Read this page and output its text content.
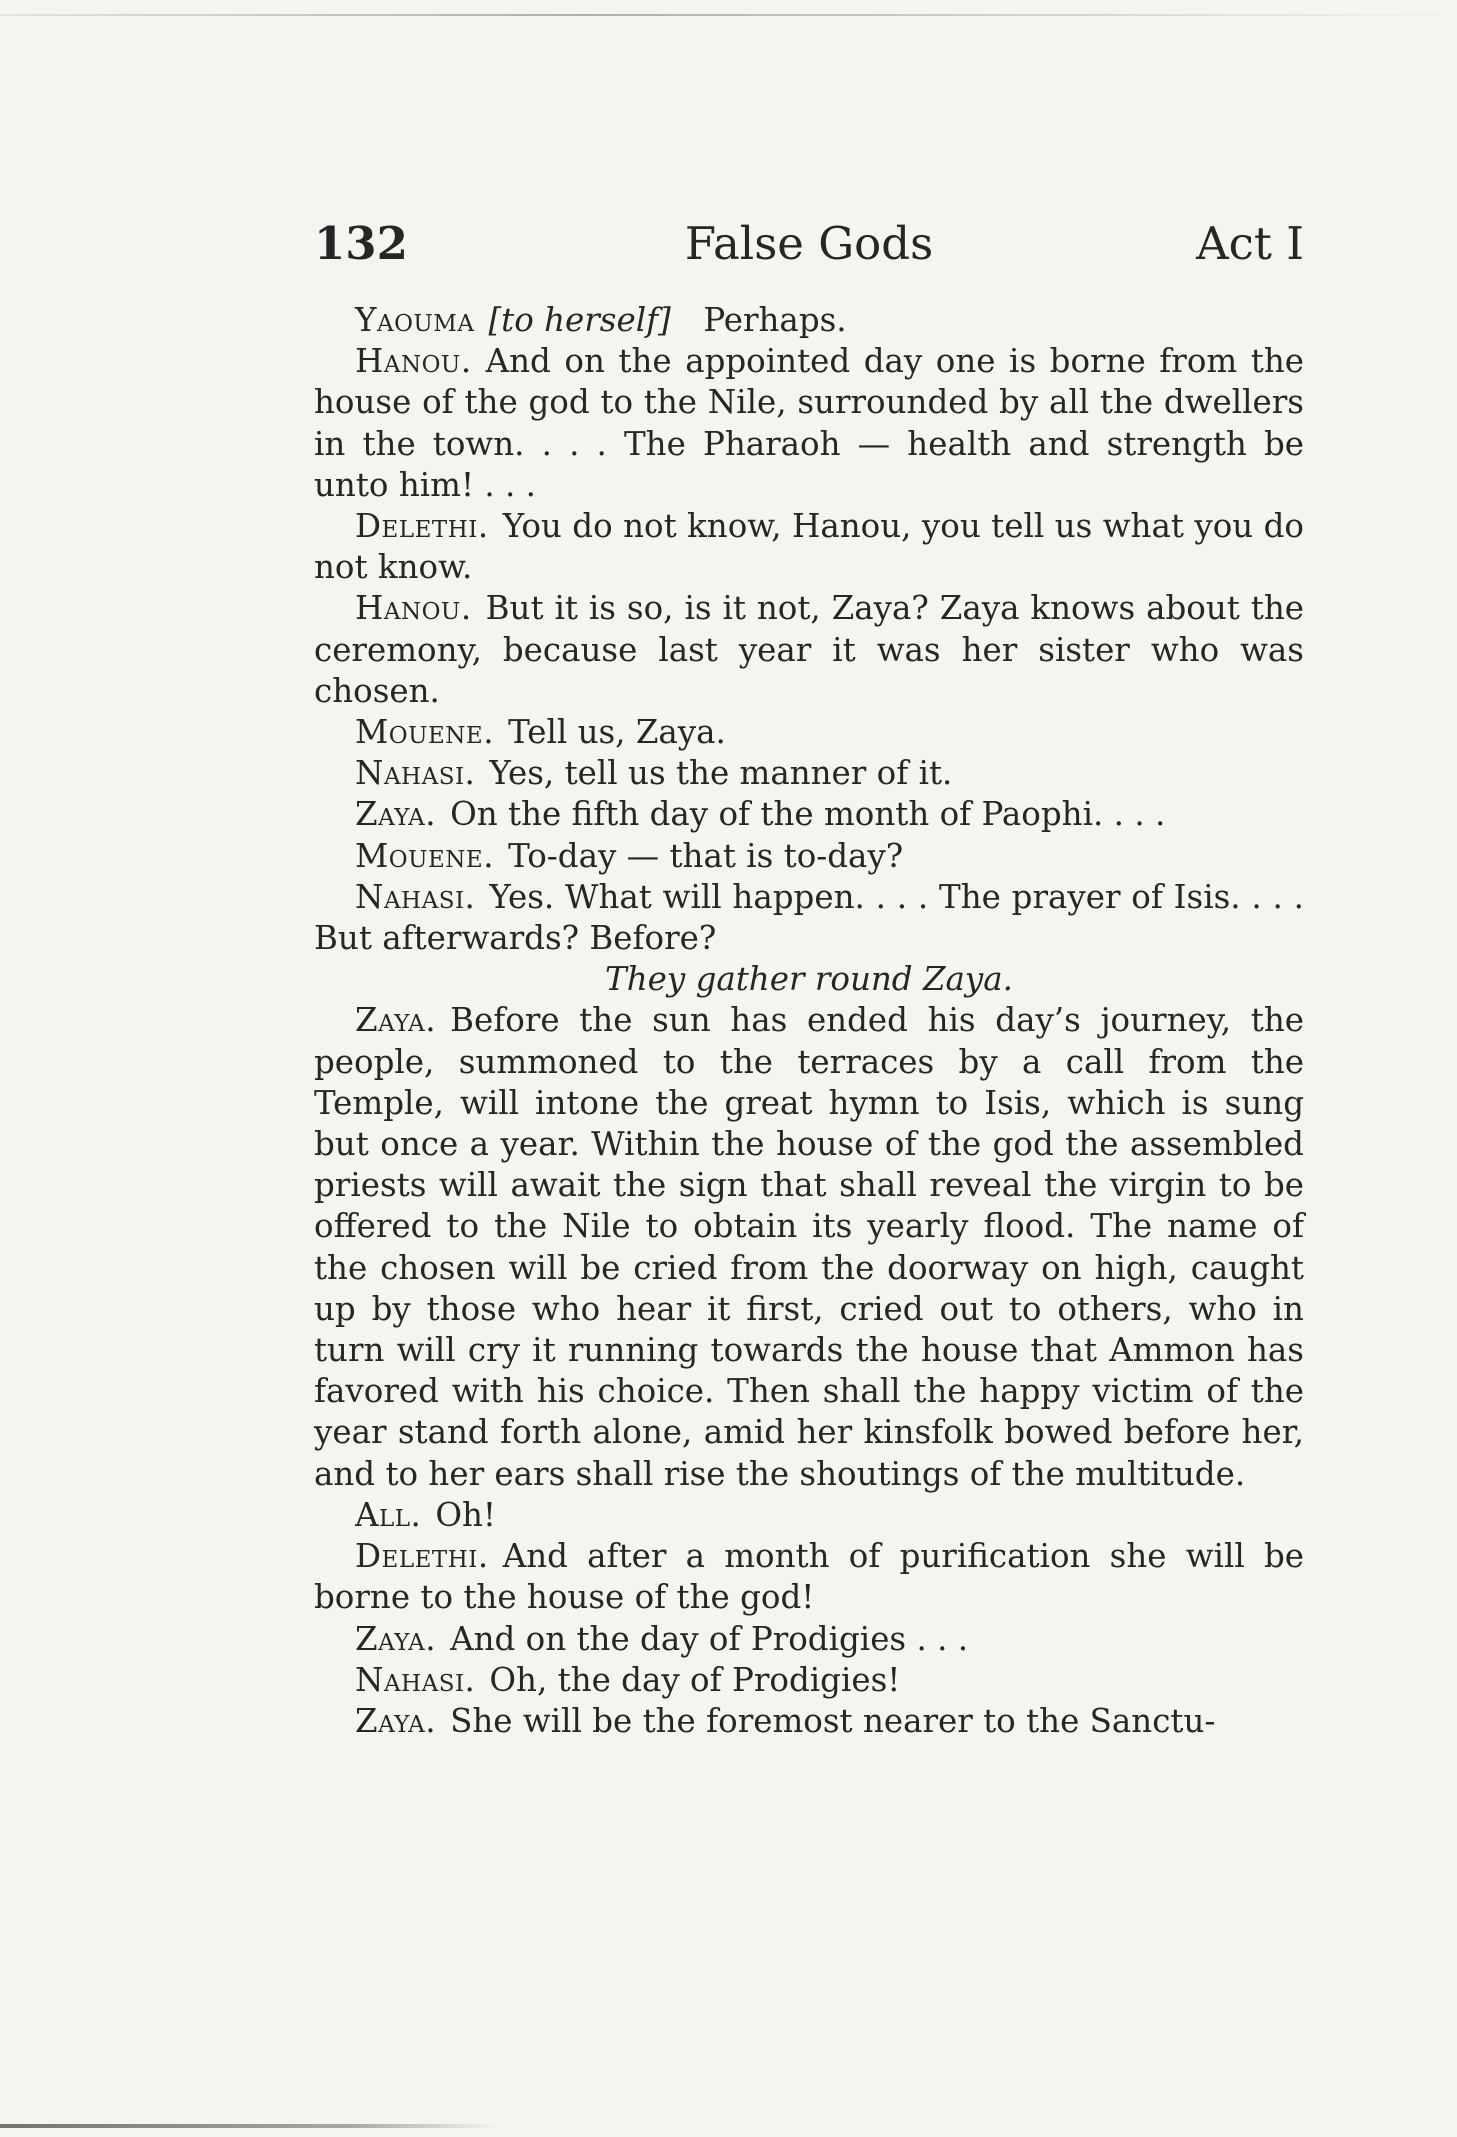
132	False Gods	Act I

Yaouma [to herself]  Perhaps.

Hanou. And on the appointed day one is borne from the house of the god to the Nile, surrounded by all the dwellers in the town. . . . The Pharaoh — health and strength be unto him! . . .

Delethi. You do not know, Hanou, you tell us what you do not know.

Hanou. But it is so, is it not, Zaya? Zaya knows about the ceremony, because last year it was her sister who was chosen.

Mouene. Tell us, Zaya.

Nahasi. Yes, tell us the manner of it.

Zaya. On the fifth day of the month of Paophi. . . .

Mouene. To-day — that is to-day?

Nahasi. Yes. What will happen. . . . The prayer of Isis. . . . But afterwards? Before?

They gather round Zaya.

Zaya. Before the sun has ended his day’s journey, the people, summoned to the terraces by a call from the Temple, will intone the great hymn to Isis, which is sung but once a year. Within the house of the god the assembled priests will await the sign that shall reveal the virgin to be offered to the Nile to obtain its yearly flood. The name of the chosen will be cried from the doorway on high, caught up by those who hear it first, cried out to others, who in turn will cry it running towards the house that Ammon has favored with his choice. Then shall the happy victim of the year stand forth alone, amid her kinsfolk bowed before her, and to her ears shall rise the shoutings of the multitude.

All. Oh!

Delethi. And after a month of purification she will be borne to the house of the god!

Zaya. And on the day of Prodigies . . .

Nahasi. Oh, the day of Prodigies!

Zaya. She will be the foremost nearer to the Sanctu-
